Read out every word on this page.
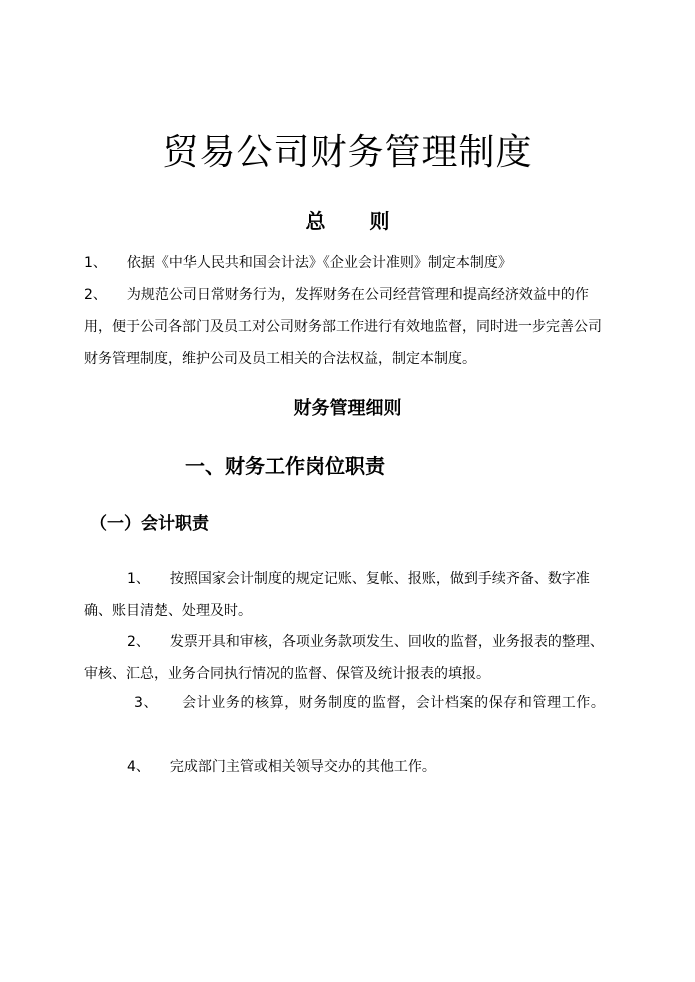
贸易公司财务管理制度
总 则
1、 依据《中华人民共和国会计法》《企业会计准则》制定本制度》
2、 为规范公司日常财务行为，发挥财务在公司经营管理和提高经济效益中的作用，便于公司各部门及员工对公司财务部工作进行有效地监督，同时进一步完善公司财务管理制度，维护公司及员工相关的合法权益，制定本制度。
财务管理细则
一、财务工作岗位职责
（一）会计职责
1、 按照国家会计制度的规定记账、复帐、报账，做到手续齐备、数字准确、账目清楚、处理及时。
2、 发票开具和审核，各项业务款项发生、回收的监督，业务报表的整理、审核、汇总，业务合同执行情况的监督、保管及统计报表的填报。
3、 会计业务的核算，财务制度的监督，会计档案的保存和管理工作。
4、 完成部门主管或相关领导交办的其他工作。
